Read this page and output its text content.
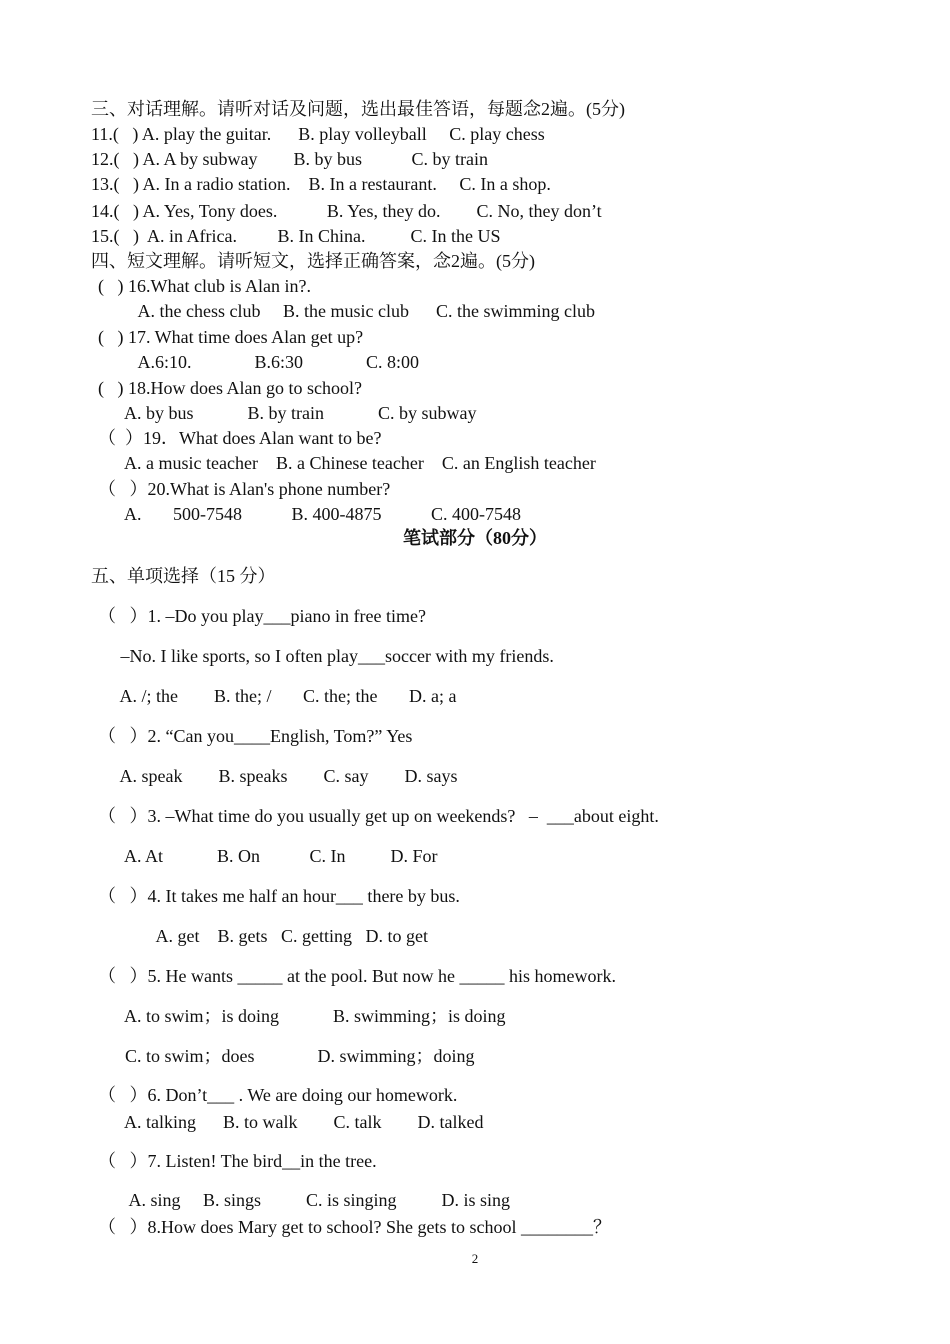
三、对话理解。请听对话及问题，选出最佳答语，每题念2遍。(5分)
11.(   ) A. play the guitar.      B. play volleyball     C. play chess
12.(   ) A. A by subway        B. by bus           C. by train
13.(   ) A. In a radio station.    B. In a restaurant.     C. In a shop.
14.(   ) A. Yes, Tony does.           B. Yes, they do.        C. No, they don’t
15.(   )  A. in Africa.         B. In China.          C. In the US
四、短文理解。请听短文，选择正确答案，念2遍。(5分)
(   ) 16.What club is Alan in?.
A. the chess club     B. the music club      C. the swimming club
(   ) 17. What time does Alan get up?
A.6:10.              B.6:30              C. 8:00
(   ) 18.How does Alan go to school?
A. by bus            B. by train            C. by subway
（  ）19．What does Alan want to be?
A. a music teacher    B. a Chinese teacher    C. an English teacher
（   ）20.What is Alan's phone number?
A.       500-7548           B. 400-4875           C. 400-7548
笔试部分（80分）
五、单项选择（15 分）
（   ）1. –Do you play___piano in free time?
–No. I like sports, so I often play___soccer with my friends.
A. /; the        B. the; /       C. the; the       D. a; a
（   ）2. “Can you____English, Tom?” Yes
A. speak        B. speaks        C. say        D. says
（   ）3. –What time do you usually get up on weekends?   –  ___about eight.
A. At            B. On           C. In          D. For
（   ）4. It takes me half an hour___ there by bus.
A. get    B. gets   C. getting   D. to get
（   ）5. He wants _____ at the pool. But now he _____ his homework.
A. to swim；is doing            B. swimming；is doing
C. to swim；does              D. swimming；doing
（   ）6. Don’t___ . We are doing our homework.
A. talking      B. to walk        C. talk        D. talked
（   ）7. Listen! The bird__in the tree.
A. sing     B. sings          C. is singing          D. is sing
（   ）8.How does Mary get to school? She gets to school ________？
2
